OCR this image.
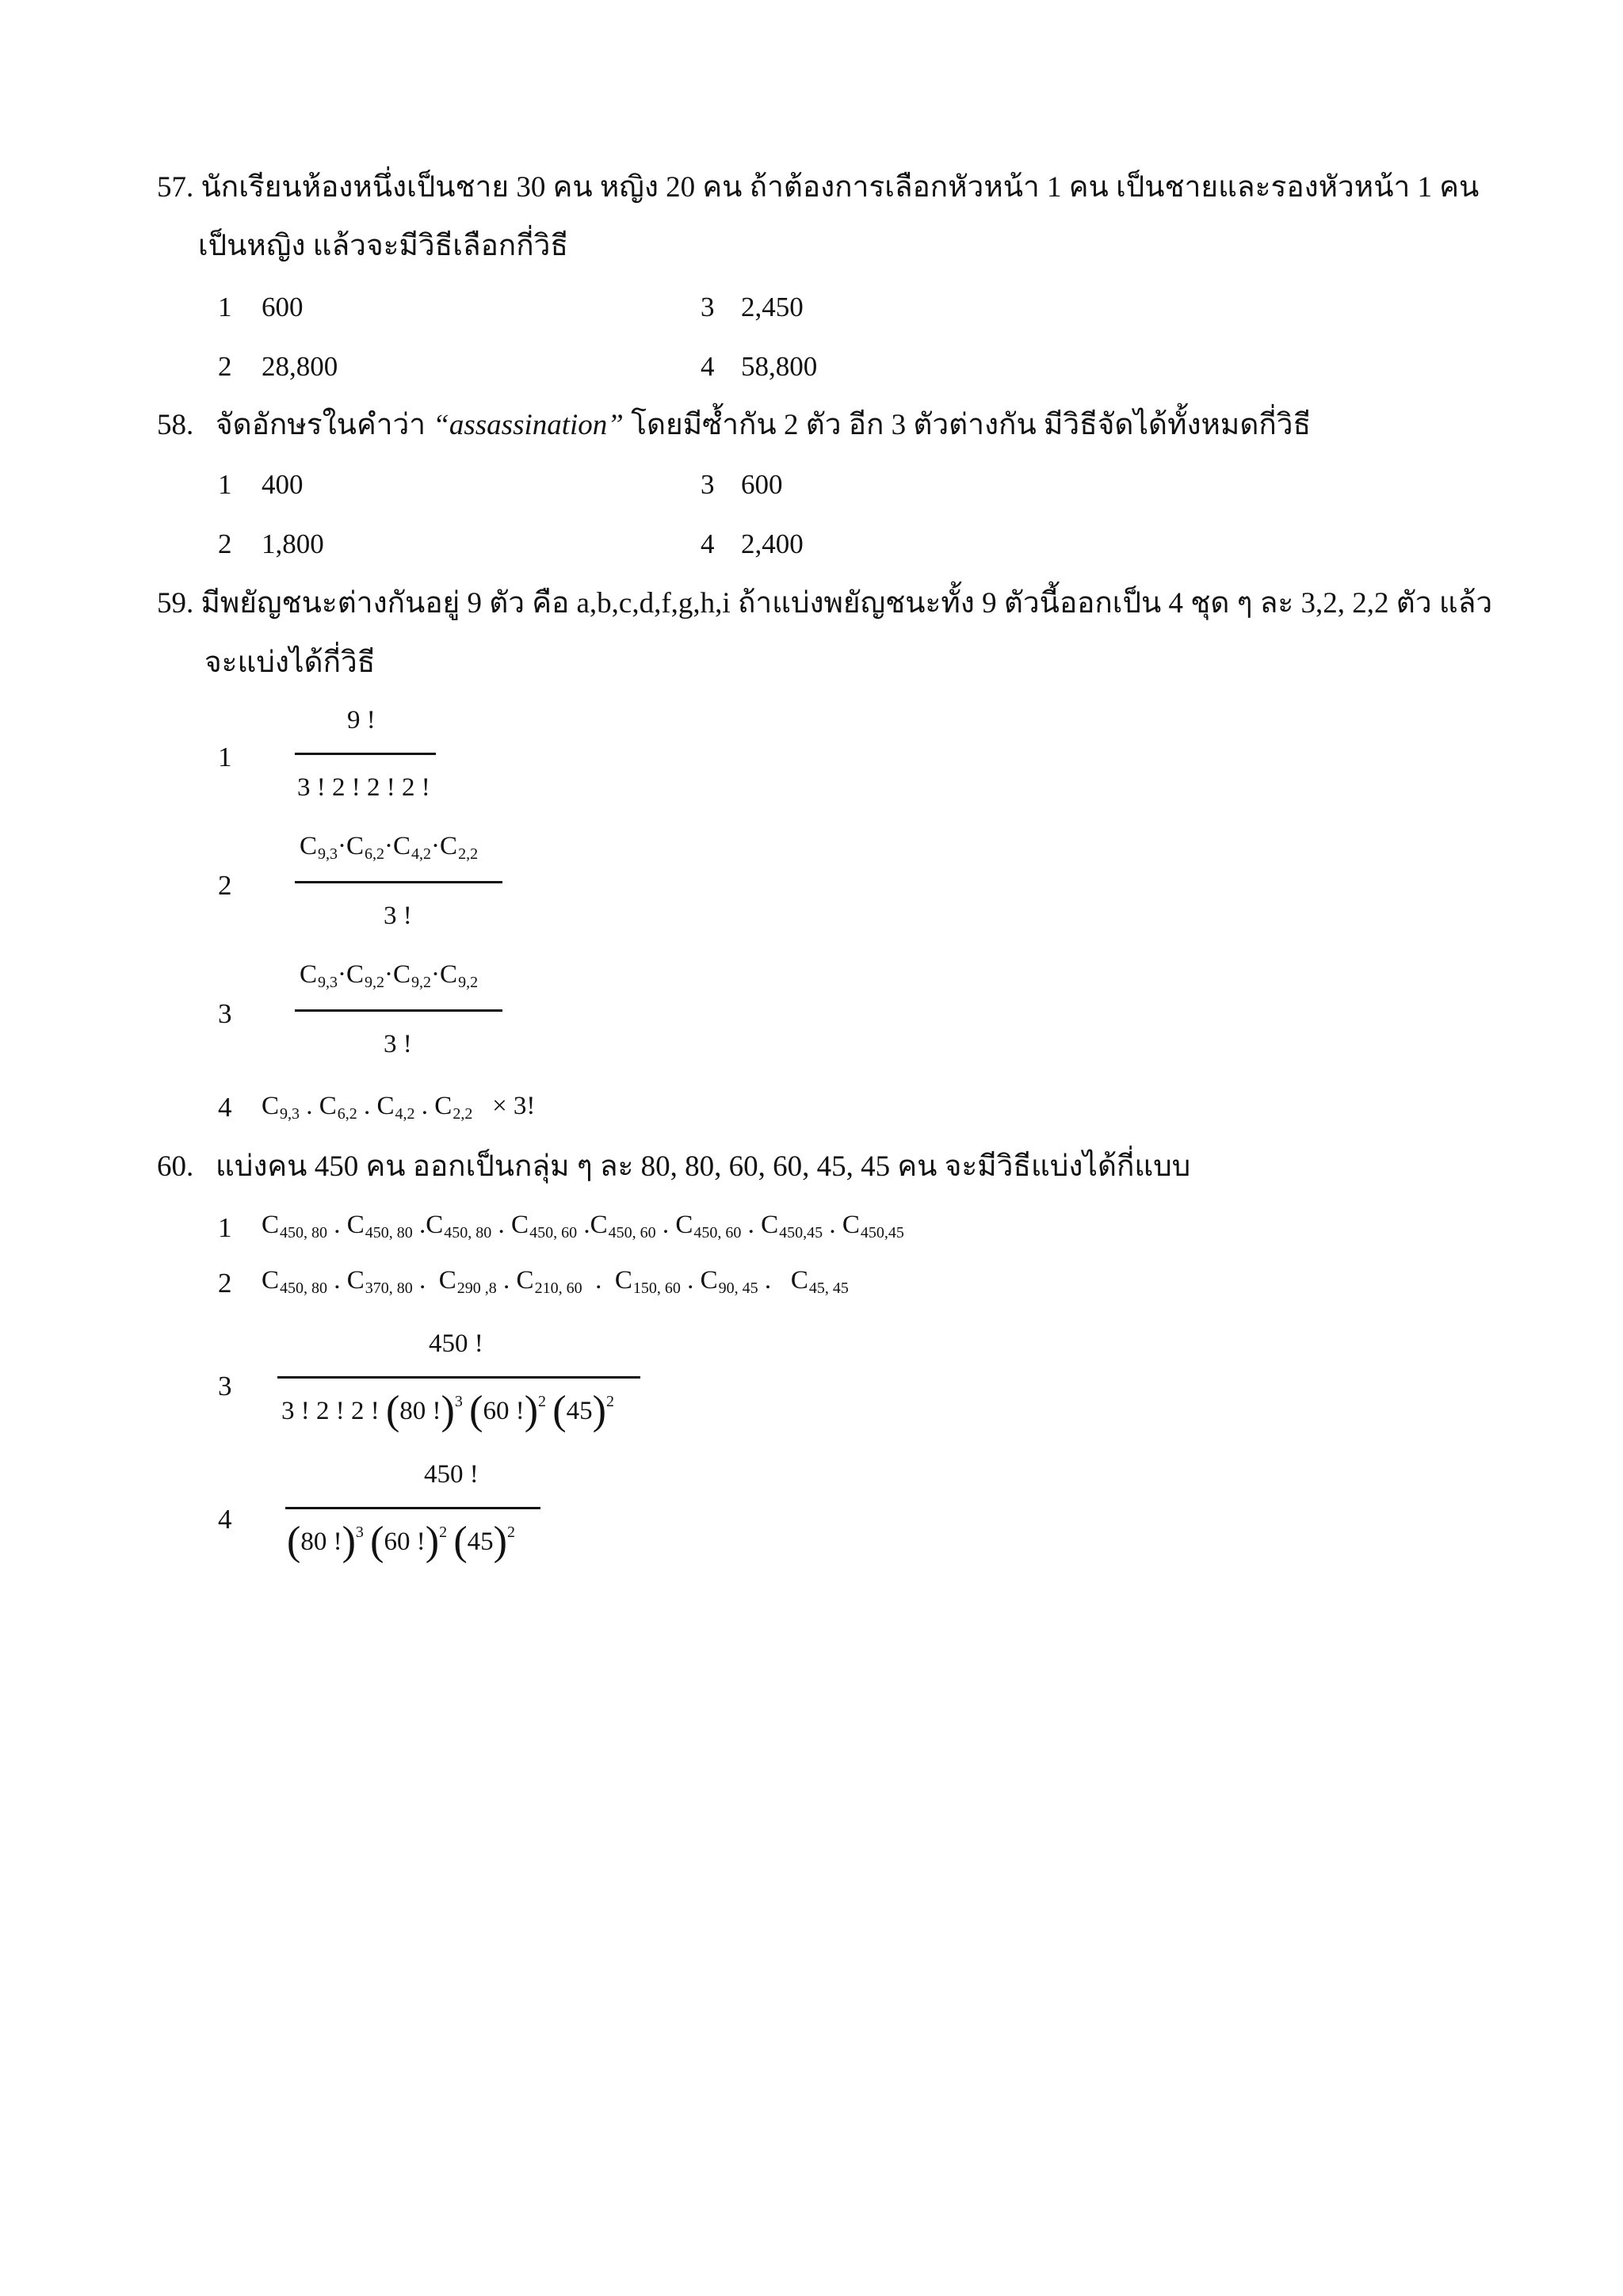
57. นักเรียนห้องหนึ่งเป็นชาย 30 คน หญิง 20 คน ถ้าต้องการเลือกหัวหน้า 1 คน เป็นชายและรองหัวหน้า 1 คน
เป็นหญิง แล้วจะมีวิธีเลือกกี่วิธี
1 600	3 2,450
2 28,800	4 58,800
58. จัดอักษรในคำว่า “assassination” โดยมีซ้ำกัน 2 ตัว อีก 3 ตัวต่างกัน มีวิธีจัดได้ทั้งหมดกี่วิธี
1 400	3 600
2 1,800	4 2,400
59. มีพยัญชนะต่างกันอยู่ 9 ตัว คือ a,b,c,d,f,g,h,i ถ้าแบ่งพยัญชนะทั้ง 9 ตัวนี้ออกเป็น 4 ชุด ๆ ละ 3,2, 2,2 ตัว แล้ว
จะแบ่งได้กี่วิธี
1
9 !
3 ! 2 ! 2 ! 2 !
2
$C_{9,3}\cdot C_{6,2}\cdot C_{4,2}\cdot C_{2,2}$
3 !
3
$C_{9,3}\cdot C_{9,2}\cdot C_{9,2}\cdot C_{9,2}$
3 !
4 $C_{9,3}$ . $C_{6,2}$ . $C_{4,2}$ . $C_{2,2} \times 3$!
60. แบ่งคน 450 คน ออกเป็นกลุ่ม ๆ ละ 80, 80, 60, 60, 45, 45 คน จะมีวิธีแบ่งได้กี่แบบ
1 $C_{450, 80}$ . $C_{450, 80}$ $.C_{450, 80}$ . $C_{450, 60}$ $.C_{450, 60}$ . $C_{450, 60}$ . $C_{450,45}$ . $C_{450,45}$
2 $C_{450, 80}$ . $C_{370, 80}$ .  $C_{290 ,8}$ . $C_{210, 60}$  .  $C_{150, 60}$ . $C_{90, 45}$ .   $C_{45, 45}$
3
450 !
3 ! 2 ! 2 ! (80 !)$^3$ (60 !)$^2$ $(45)^2$
4
450 !
(80 !)$^3$ (60 !)$^2$ $(45)^2$
